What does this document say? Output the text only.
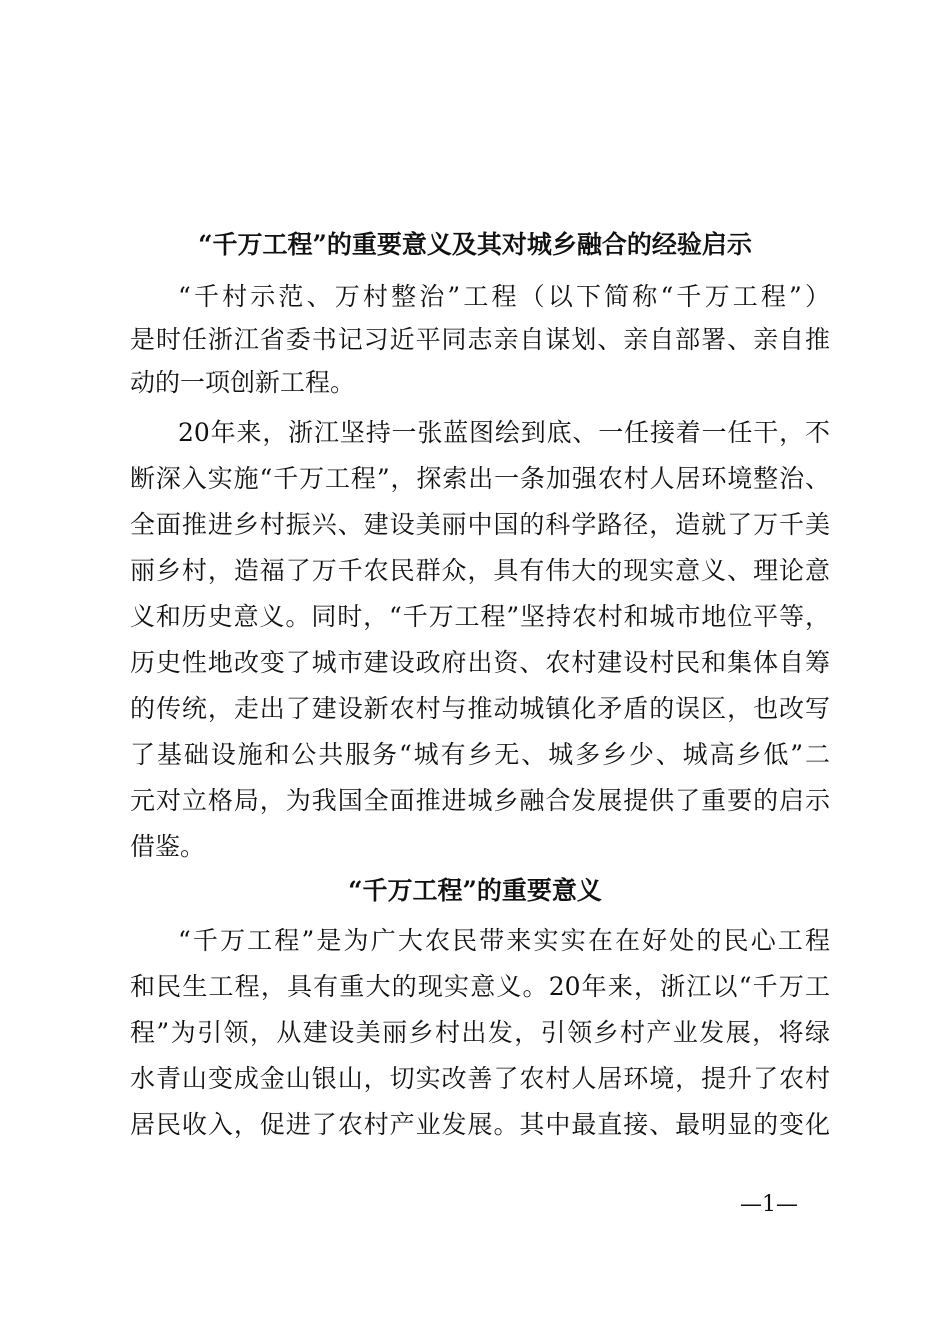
“千万工程”的重要意义及其对城乡融合的经验启示
“千村示范、万村整治”工程（以下简称“千万工程”）
是时任浙江省委书记习近平同志亲自谋划、亲自部署、亲自推
动的一项创新工程。
20年来，浙江坚持一张蓝图绘到底、一任接着一任干，不
断深入实施“千万工程”，探索出一条加强农村人居环境整治、
全面推进乡村振兴、建设美丽中国的科学路径，造就了万千美
丽乡村，造福了万千农民群众，具有伟大的现实意义、理论意
义和历史意义。同时，“千万工程”坚持农村和城市地位平等，
历史性地改变了城市建设政府出资、农村建设村民和集体自筹
的传统，走出了建设新农村与推动城镇化矛盾的误区，也改写
了基础设施和公共服务“城有乡无、城多乡少、城高乡低”二
元对立格局，为我国全面推进城乡融合发展提供了重要的启示
借鉴。
“千万工程”的重要意义
“千万工程”是为广大农民带来实实在在好处的民心工程
和民生工程，具有重大的现实意义。20年来，浙江以“千万工
程”为引领，从建设美丽乡村出发，引领乡村产业发展，将绿
水青山变成金山银山，切实改善了农村人居环境，提升了农村
居民收入，促进了农村产业发展。其中最直接、最明显的变化
—1—
